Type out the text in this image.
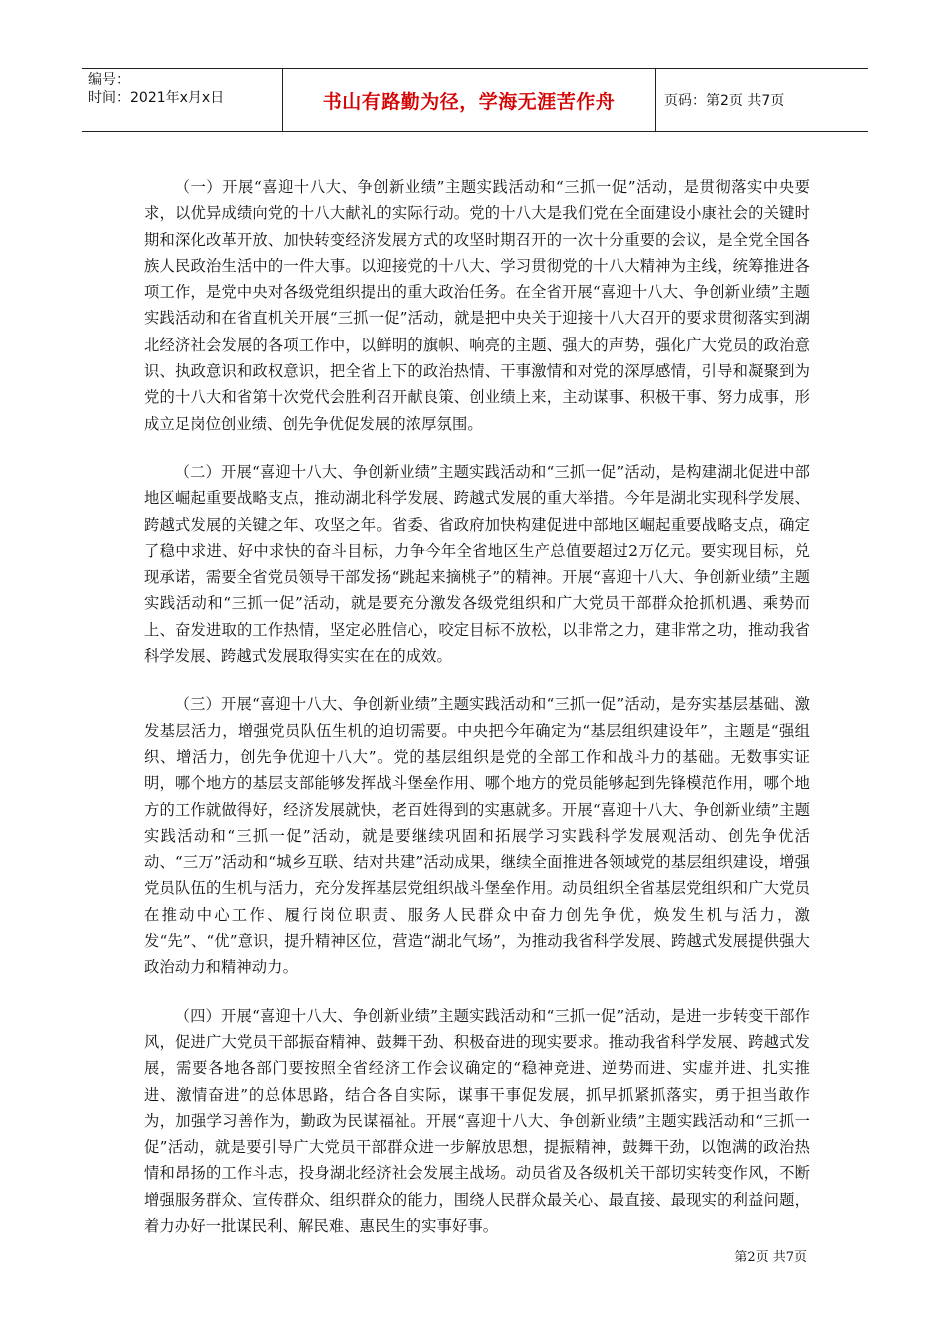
编号：
时间：2021年x月x日	书山有路勤为径，学海无涯苦作舟	页码：第2页 共7页

（一）开展“喜迎十八大、争创新业绩”主题实践活动和“三抓一促”活动，是贯彻落实中央要求，以优异成绩向党的十八大献礼的实际行动。党的十八大是我们党在全面建设小康社会的关键时期和深化改革开放、加快转变经济发展方式的攻坚时期召开的一次十分重要的会议，是全党全国各族人民政治生活中的一件大事。以迎接党的十八大、学习贯彻党的十八大精神为主线，统筹推进各项工作，是党中央对各级党组织提出的重大政治任务。在全省开展“喜迎十八大、争创新业绩”主题实践活动和在省直机关开展“三抓一促”活动，就是把中央关于迎接十八大召开的要求贯彻落实到湖北经济社会发展的各项工作中，以鲜明的旗帜、响亮的主题、强大的声势，强化广大党员的政治意识、执政意识和政权意识，把全省上下的政治热情、干事激情和对党的深厚感情，引导和凝聚到为党的十八大和省第十次党代会胜利召开献良策、创业绩上来，主动谋事、积极干事、努力成事，形成立足岗位创业绩、创先争优促发展的浓厚氛围。

（二）开展“喜迎十八大、争创新业绩”主题实践活动和“三抓一促”活动，是构建湖北促进中部地区崛起重要战略支点，推动湖北科学发展、跨越式发展的重大举措。今年是湖北实现科学发展、跨越式发展的关键之年、攻坚之年。省委、省政府加快构建促进中部地区崛起重要战略支点，确定了稳中求进、好中求快的奋斗目标，力争今年全省地区生产总值要超过2万亿元。要实现目标，兑现承诺，需要全省党员领导干部发扬“跳起来摘桃子”的精神。开展“喜迎十八大、争创新业绩”主题实践活动和“三抓一促”活动，就是要充分激发各级党组织和广大党员干部群众抢抓机遇、乘势而上、奋发进取的工作热情，坚定必胜信心，咬定目标不放松，以非常之力，建非常之功，推动我省科学发展、跨越式发展取得实实在在的成效。

（三）开展“喜迎十八大、争创新业绩”主题实践活动和“三抓一促”活动，是夯实基层基础、激发基层活力，增强党员队伍生机的迫切需要。中央把今年确定为“基层组织建设年”，主题是“强组织、增活力，创先争优迎十八大”。党的基层组织是党的全部工作和战斗力的基础。无数事实证明，哪个地方的基层支部能够发挥战斗堡垒作用、哪个地方的党员能够起到先锋模范作用，哪个地方的工作就做得好，经济发展就快，老百姓得到的实惠就多。开展“喜迎十八大、争创新业绩”主题实践活动和“三抓一促”活动，就是要继续巩固和拓展学习实践科学发展观活动、创先争优活动、“三万”活动和“城乡互联、结对共建”活动成果，继续全面推进各领域党的基层组织建设，增强党员队伍的生机与活力，充分发挥基层党组织战斗堡垒作用。动员组织全省基层党组织和广大党员在推动中心工作、履行岗位职责、服务人民群众中奋力创先争优，焕发生机与活力，激发“先”、“优”意识，提升精神区位，营造“湖北气场”，为推动我省科学发展、跨越式发展提供强大政治动力和精神动力。

（四）开展“喜迎十八大、争创新业绩”主题实践活动和“三抓一促”活动，是进一步转变干部作风，促进广大党员干部振奋精神、鼓舞干劲、积极奋进的现实要求。推动我省科学发展、跨越式发展，需要各地各部门要按照全省经济工作会议确定的“稳神竞进、逆势而进、实虚并进、扎实推进、激情奋进”的总体思路，结合各自实际，谋事干事促发展，抓早抓紧抓落实，勇于担当敢作为，加强学习善作为，勤政为民谋福祉。开展“喜迎十八大、争创新业绩”主题实践活动和“三抓一促”活动，就是要引导广大党员干部群众进一步解放思想，提振精神，鼓舞干劲，以饱满的政治热情和昂扬的工作斗志，投身湖北经济社会发展主战场。动员省及各级机关干部切实转变作风，不断增强服务群众、宣传群众、组织群众的能力，围绕人民群众最关心、最直接、最现实的利益问题，着力办好一批谋民利、解民难、惠民生的实事好事。

第2页 共7页
